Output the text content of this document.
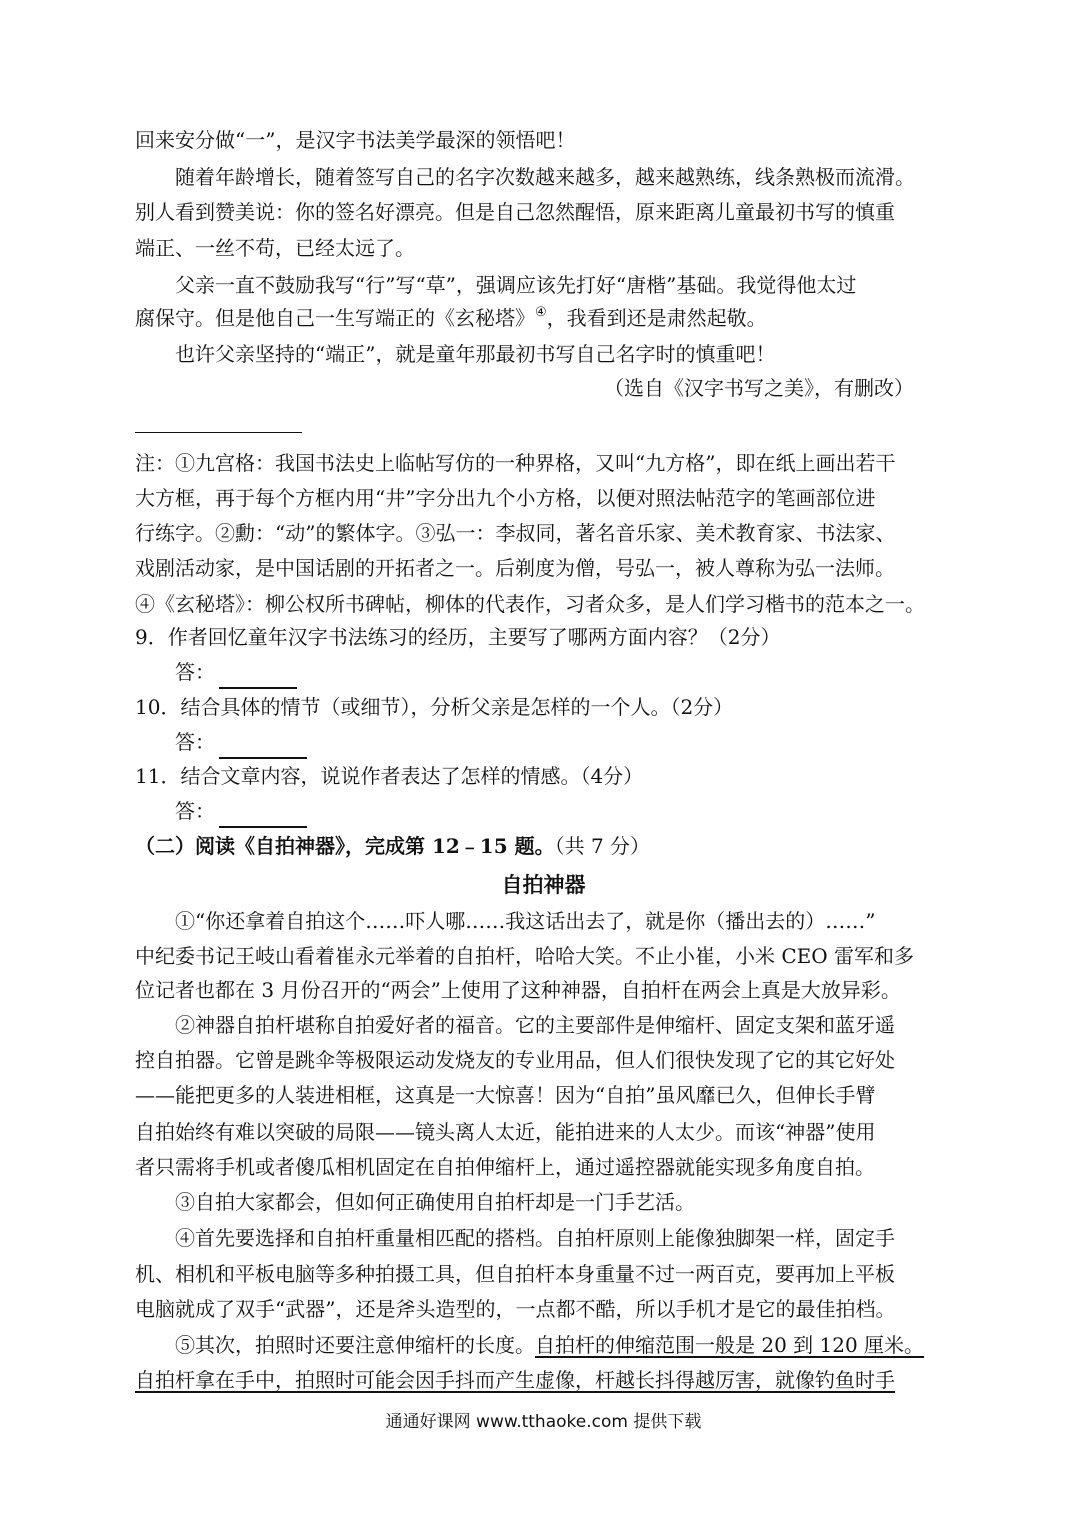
回来安分做“一”，是汉字书法美学最深的领悟吧！
随着年龄增长，随着签写自己的名字次数越来越多，越来越熟练，线条熟极而流滑。
别人看到赞美说：你的签名好漂亮。但是自己忽然醒悟，原来距离儿童最初书写的慎重
端正、一丝不苟，已经太远了。
父亲一直不鼓励我写“行”写“草”，强调应该先打好“唐楷”基础。我觉得他太过
腐保守。但是他自己一生写端正的《玄秘塔》④，我看到还是肃然起敬。
也许父亲坚持的“端正”，就是童年那最初书写自己名字时的慎重吧！
（选自《汉字书写之美》，有删改）
注：①九宫格：我国书法史上临帖写仿的一种界格，又叫“九方格”，即在纸上画出若干
大方框，再于每个方框内用“井”字分出九个小方格，以便对照法帖范字的笔画部位进
行练字。②勳：“动”的繁体字。③弘一：李叔同，著名音乐家、美术教育家、书法家、
戏剧活动家，是中国话剧的开拓者之一。后剃度为僧，号弘一，被人尊称为弘一法师。
④《玄秘塔》：柳公权所书碑帖，柳体的代表作，习者众多，是人们学习楷书的范本之一。
9．作者回忆童年汉字书法练习的经历，主要写了哪两方面内容？（2分）
答：
10．结合具体的情节（或细节），分析父亲是怎样的一个人。（2分）
答：
11．结合文章内容，说说作者表达了怎样的情感。（4分）
答：
（二）阅读《自拍神器》，完成第 12﹣15 题。（共 7 分）
自拍神器
①“你还拿着自拍这个……吓人哪……我这话出去了，就是你（播出去的）……”
中纪委书记王岐山看着崔永元举着的自拍杆，哈哈大笑。不止小崔，小米 CEO 雷军和多
位记者也都在 3 月份召开的“两会”上使用了这种神器，自拍杆在两会上真是大放异彩。
②神器自拍杆堪称自拍爱好者的福音。它的主要部件是伸缩杆、固定支架和蓝牙遥
控自拍器。它曾是跳伞等极限运动发烧友的专业用品，但人们很快发现了它的其它好处
——能把更多的人装进相框，这真是一大惊喜！因为“自拍”虽风靡已久，但伸长手臂
自拍始终有难以突破的局限——镜头离人太近，能拍进来的人太少。而该“神器”使用
者只需将手机或者傻瓜相机固定在自拍伸缩杆上，通过遥控器就能实现多角度自拍。
③自拍大家都会，但如何正确使用自拍杆却是一门手艺活。
④首先要选择和自拍杆重量相匹配的搭档。自拍杆原则上能像独脚架一样，固定手
机、相机和平板电脑等多种拍摄工具，但自拍杆本身重量不过一两百克，要再加上平板
电脑就成了双手“武器”，还是斧头造型的，一点都不酷，所以手机才是它的最佳拍档。
⑤其次，拍照时还要注意伸缩杆的长度。自拍杆的伸缩范围一般是 20 到 120 厘米。
自拍杆拿在手中，拍照时可能会因手抖而产生虚像，杆越长抖得越厉害，就像钓鱼时手
通通好课网 www.tthaoke.com 提供下载
